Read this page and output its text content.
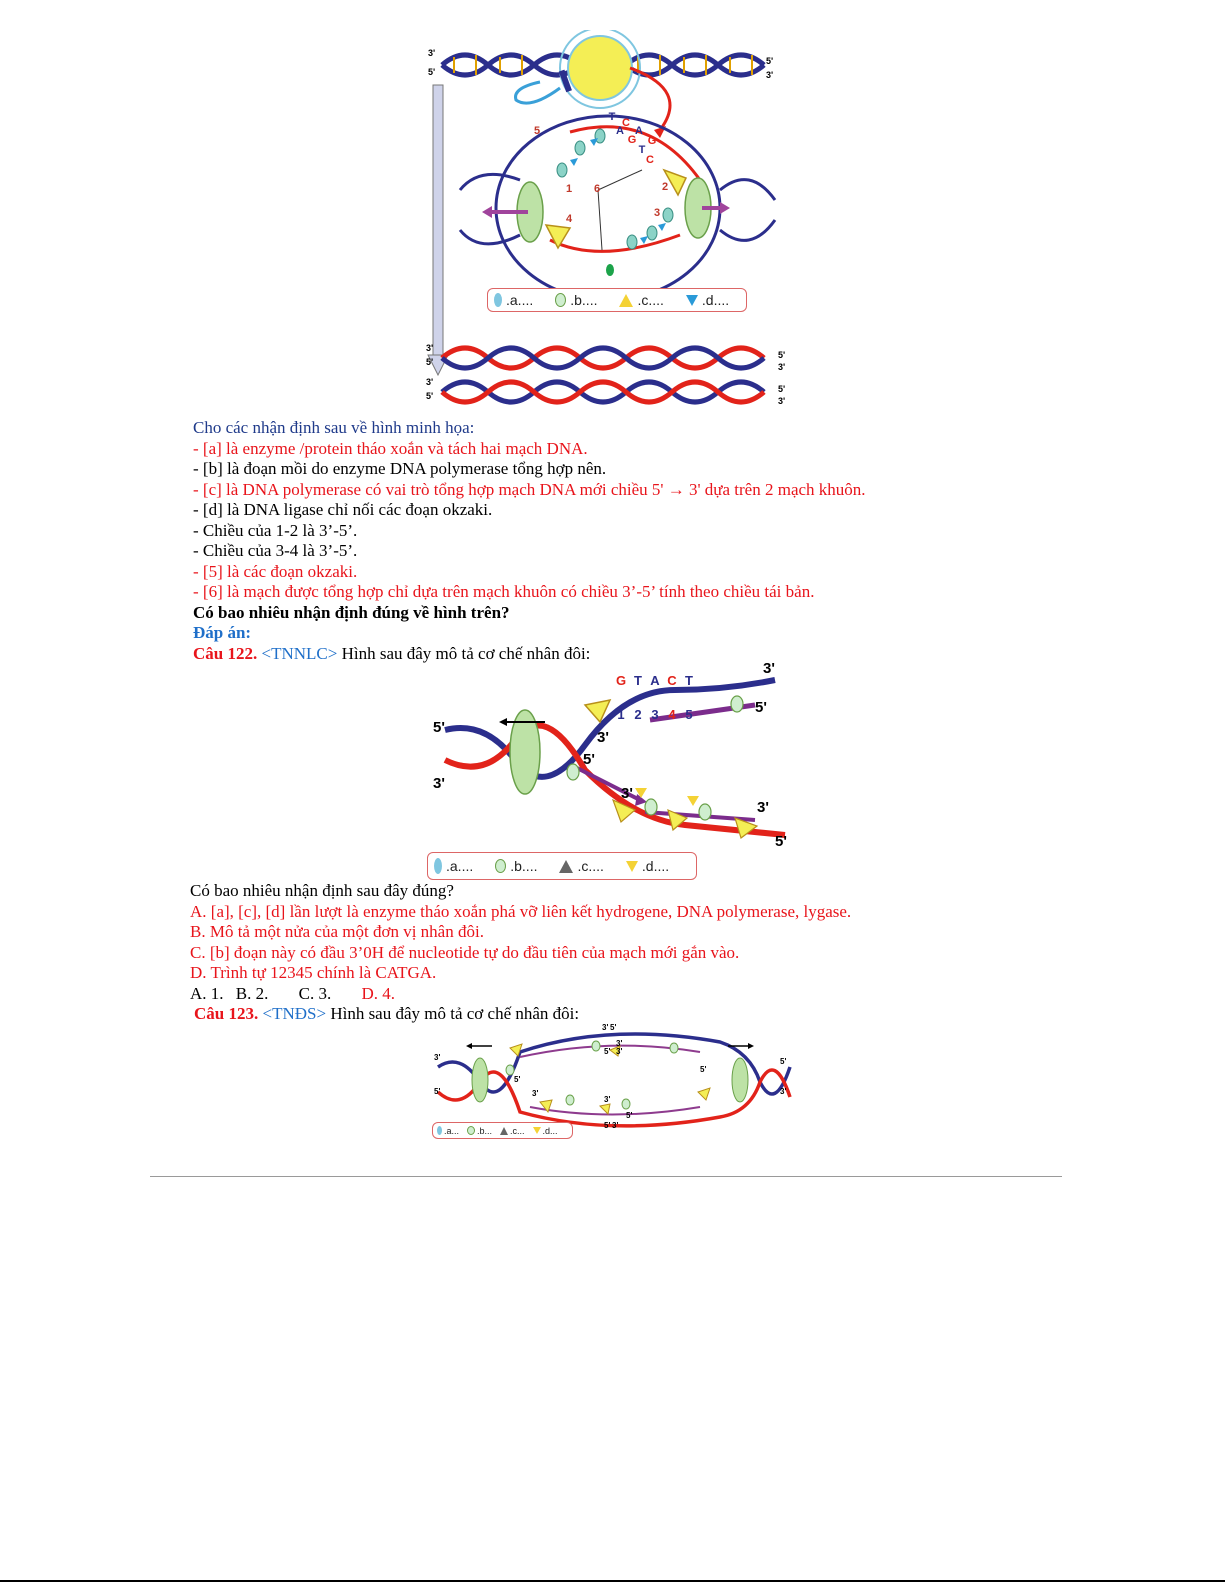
T C
A
G
A
G
T
C
1	2
3
4
5
6
3'
5'
5'
3'
3'
5'
5'
3'
3'
5'
5'
3'
.a....	.b....	.c....	.d....

Cho các nhận định sau về hình minh họa:

- [a] là enzyme /protein tháo xoắn và tách hai mạch DNA.

- [b] là đoạn mồi do enzyme DNA polymerase tổng hợp nên.

- [c] là DNA polymerase có vai trò tổng hợp mạch DNA mới chiều 5' → 3' dựa trên 2 mạch khuôn.

- [d] là DNA ligase chỉ nối các đoạn okzaki.

- Chiều của 1-2 là 3’-5’.

- Chiều của 3-4 là 3’-5’.

- [5] là các đoạn okzaki.

- [6] là mạch được tổng hợp chỉ dựa trên mạch khuôn có chiều 3’-5’ tính theo chiều tái bản.

Có bao nhiêu nhận định đúng về hình trên?

Đáp án:

Câu 122. <TNNLC> Hình sau đây mô tả cơ chế nhân đôi:

G T A C T
1 2 3 4 5
3'
5'
3'
5'
5'
3'
3'
3'
5'
.a....	.b....	.c....	.d....

Có bao nhiêu nhận định sau đây đúng?

A. [a], [c], [d] lần lượt là enzyme tháo xoắn phá vỡ liên kết hydrogene, DNA polymerase, lygase.

B. Mô tả một nửa của một đơn vị nhân đôi.

C. [b] đoạn này có đầu 3’0H để nucleotide tự do đầu tiên của mạch mới gắn vào.

D. Trình tự 12345 chính là CATGA.

A. 1. B. 2. C. 3. D. 4.

Câu 123. <TNĐS> Hình sau đây mô tả cơ chế nhân đôi:

3' 5'
3'
5'
3'
5' 3'
5'
5'
3'
3'
5'
3'
5'
5' 3'
.a... .b... .c... .d...
